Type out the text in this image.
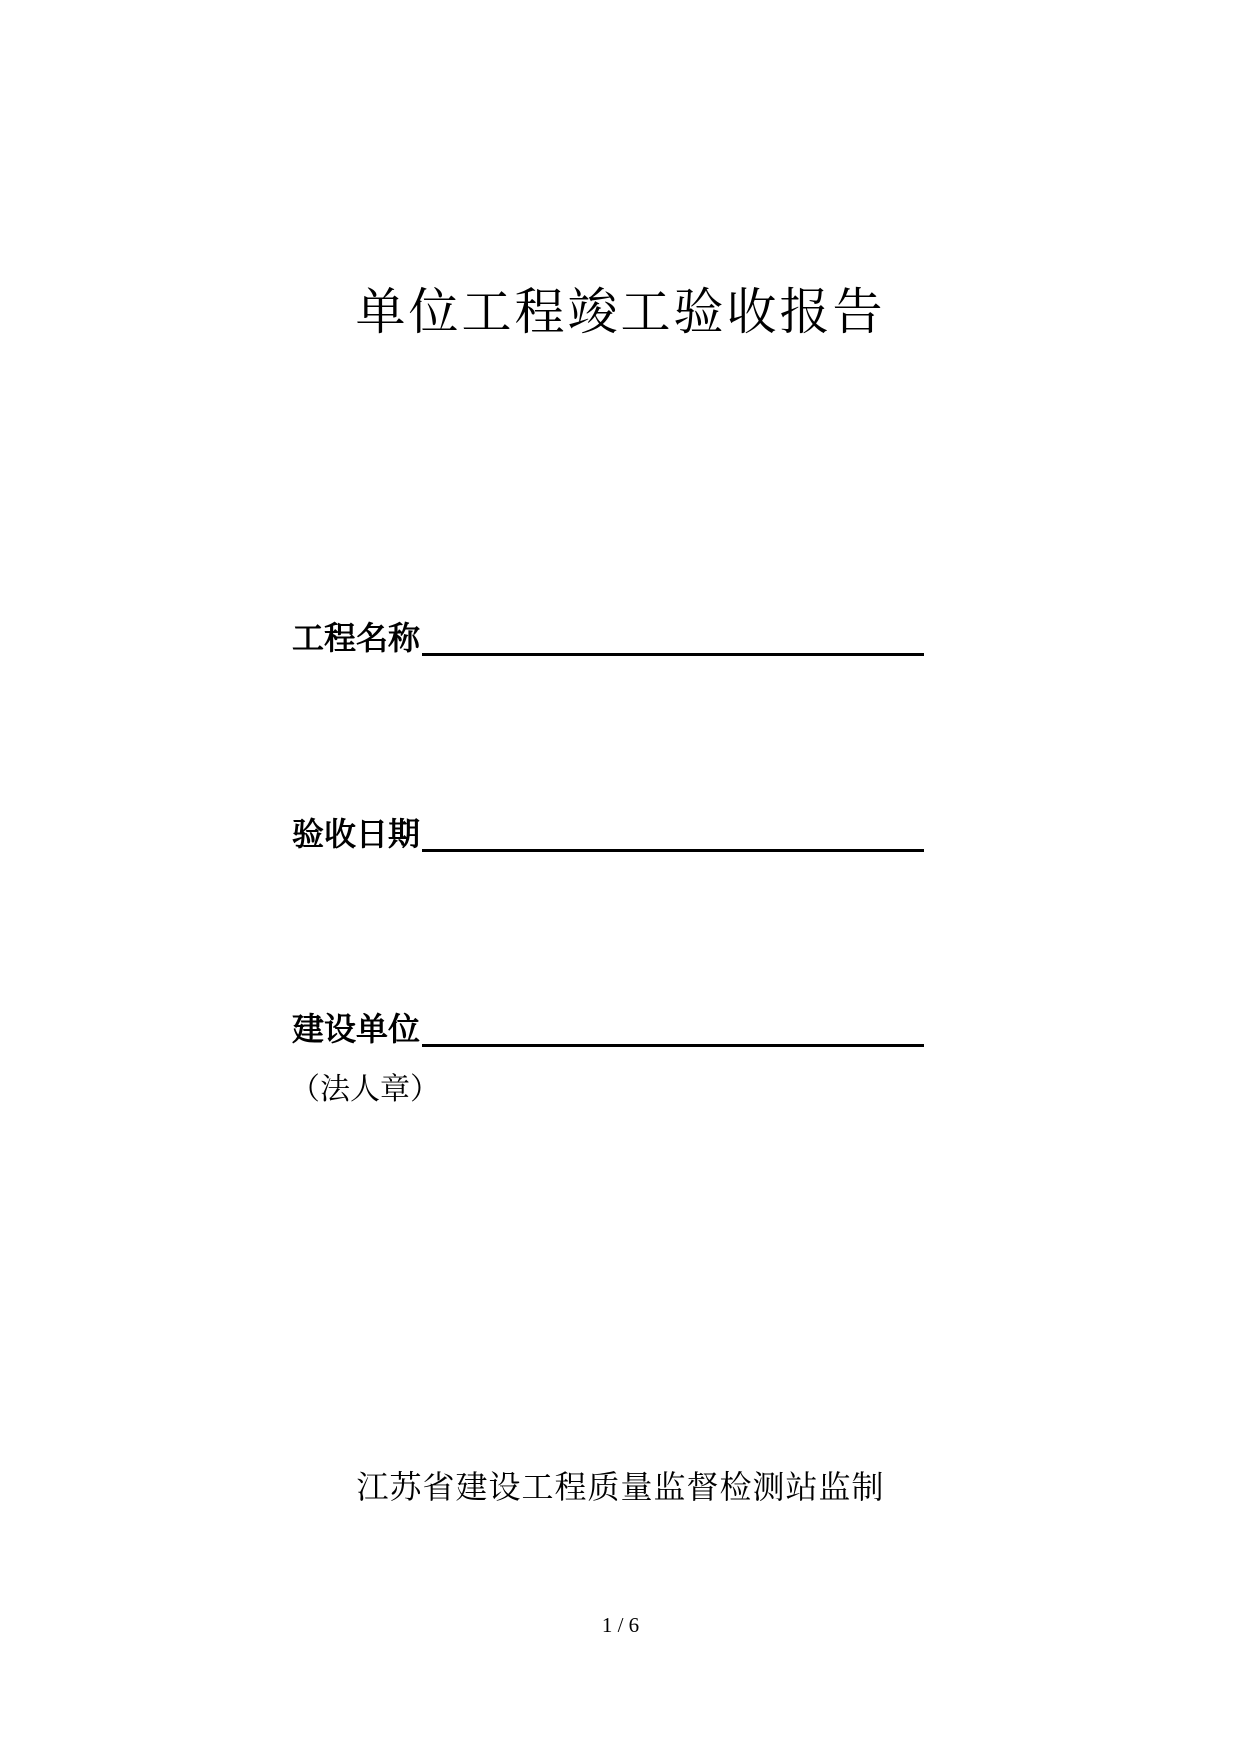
单位工程竣工验收报告
工程名称
验收日期
建设单位
（法人章）
江苏省建设工程质量监督检测站监制
1 / 6
